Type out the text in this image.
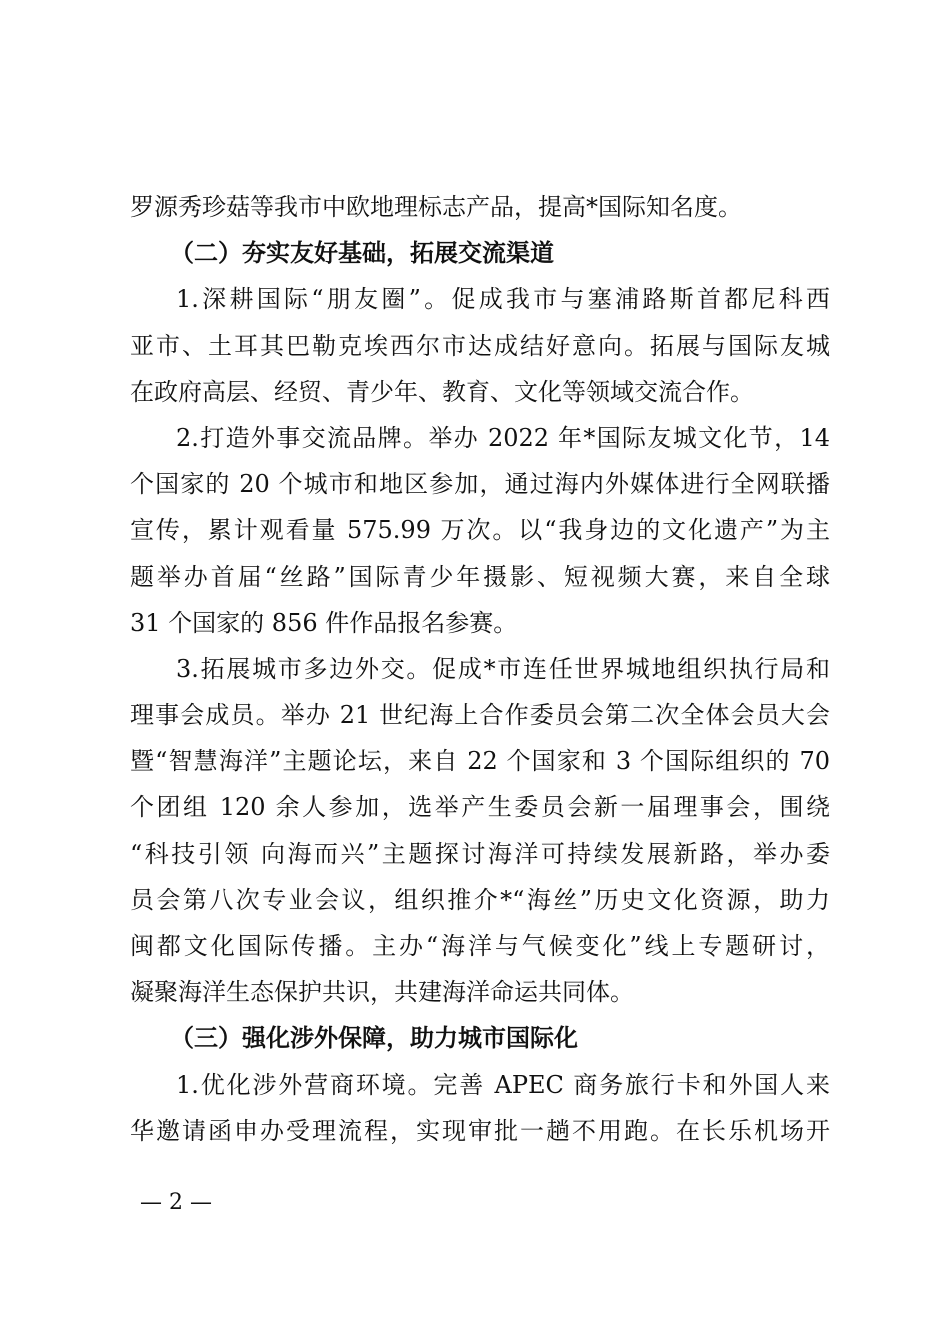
罗源秀珍菇等我市中欧地理标志产品，提高*国际知名度。
（二）夯实友好基础，拓展交流渠道
1.深耕国际“朋友圈”。促成我市与塞浦路斯首都尼科西
亚市、土耳其巴勒克埃西尔市达成结好意向。拓展与国际友城
在政府高层、经贸、青少年、教育、文化等领域交流合作。
2.打造外事交流品牌。举办 2022 年*国际友城文化节，14
个国家的 20 个城市和地区参加，通过海内外媒体进行全网联播
宣传，累计观看量 575.99 万次。以“我身边的文化遗产”为主
题举办首届“丝路”国际青少年摄影、短视频大赛，来自全球
31 个国家的 856 件作品报名参赛。
3.拓展城市多边外交。促成*市连任世界城地组织执行局和
理事会成员。举办 21 世纪海上合作委员会第二次全体会员大会
暨“智慧海洋”主题论坛，来自 22 个国家和 3 个国际组织的 70
个团组 120 余人参加，选举产生委员会新一届理事会，围绕
“科技引领 向海而兴”主题探讨海洋可持续发展新路，举办委
员会第八次专业会议，组织推介*“海丝”历史文化资源，助力
闽都文化国际传播。主办“海洋与气候变化”线上专题研讨，
凝聚海洋生态保护共识，共建海洋命运共同体。
（三）强化涉外保障，助力城市国际化
1.优化涉外营商环境。完善 APEC 商务旅行卡和外国人来
华邀请函申办受理流程，实现审批一趟不用跑。在长乐机场开
— 2 —
